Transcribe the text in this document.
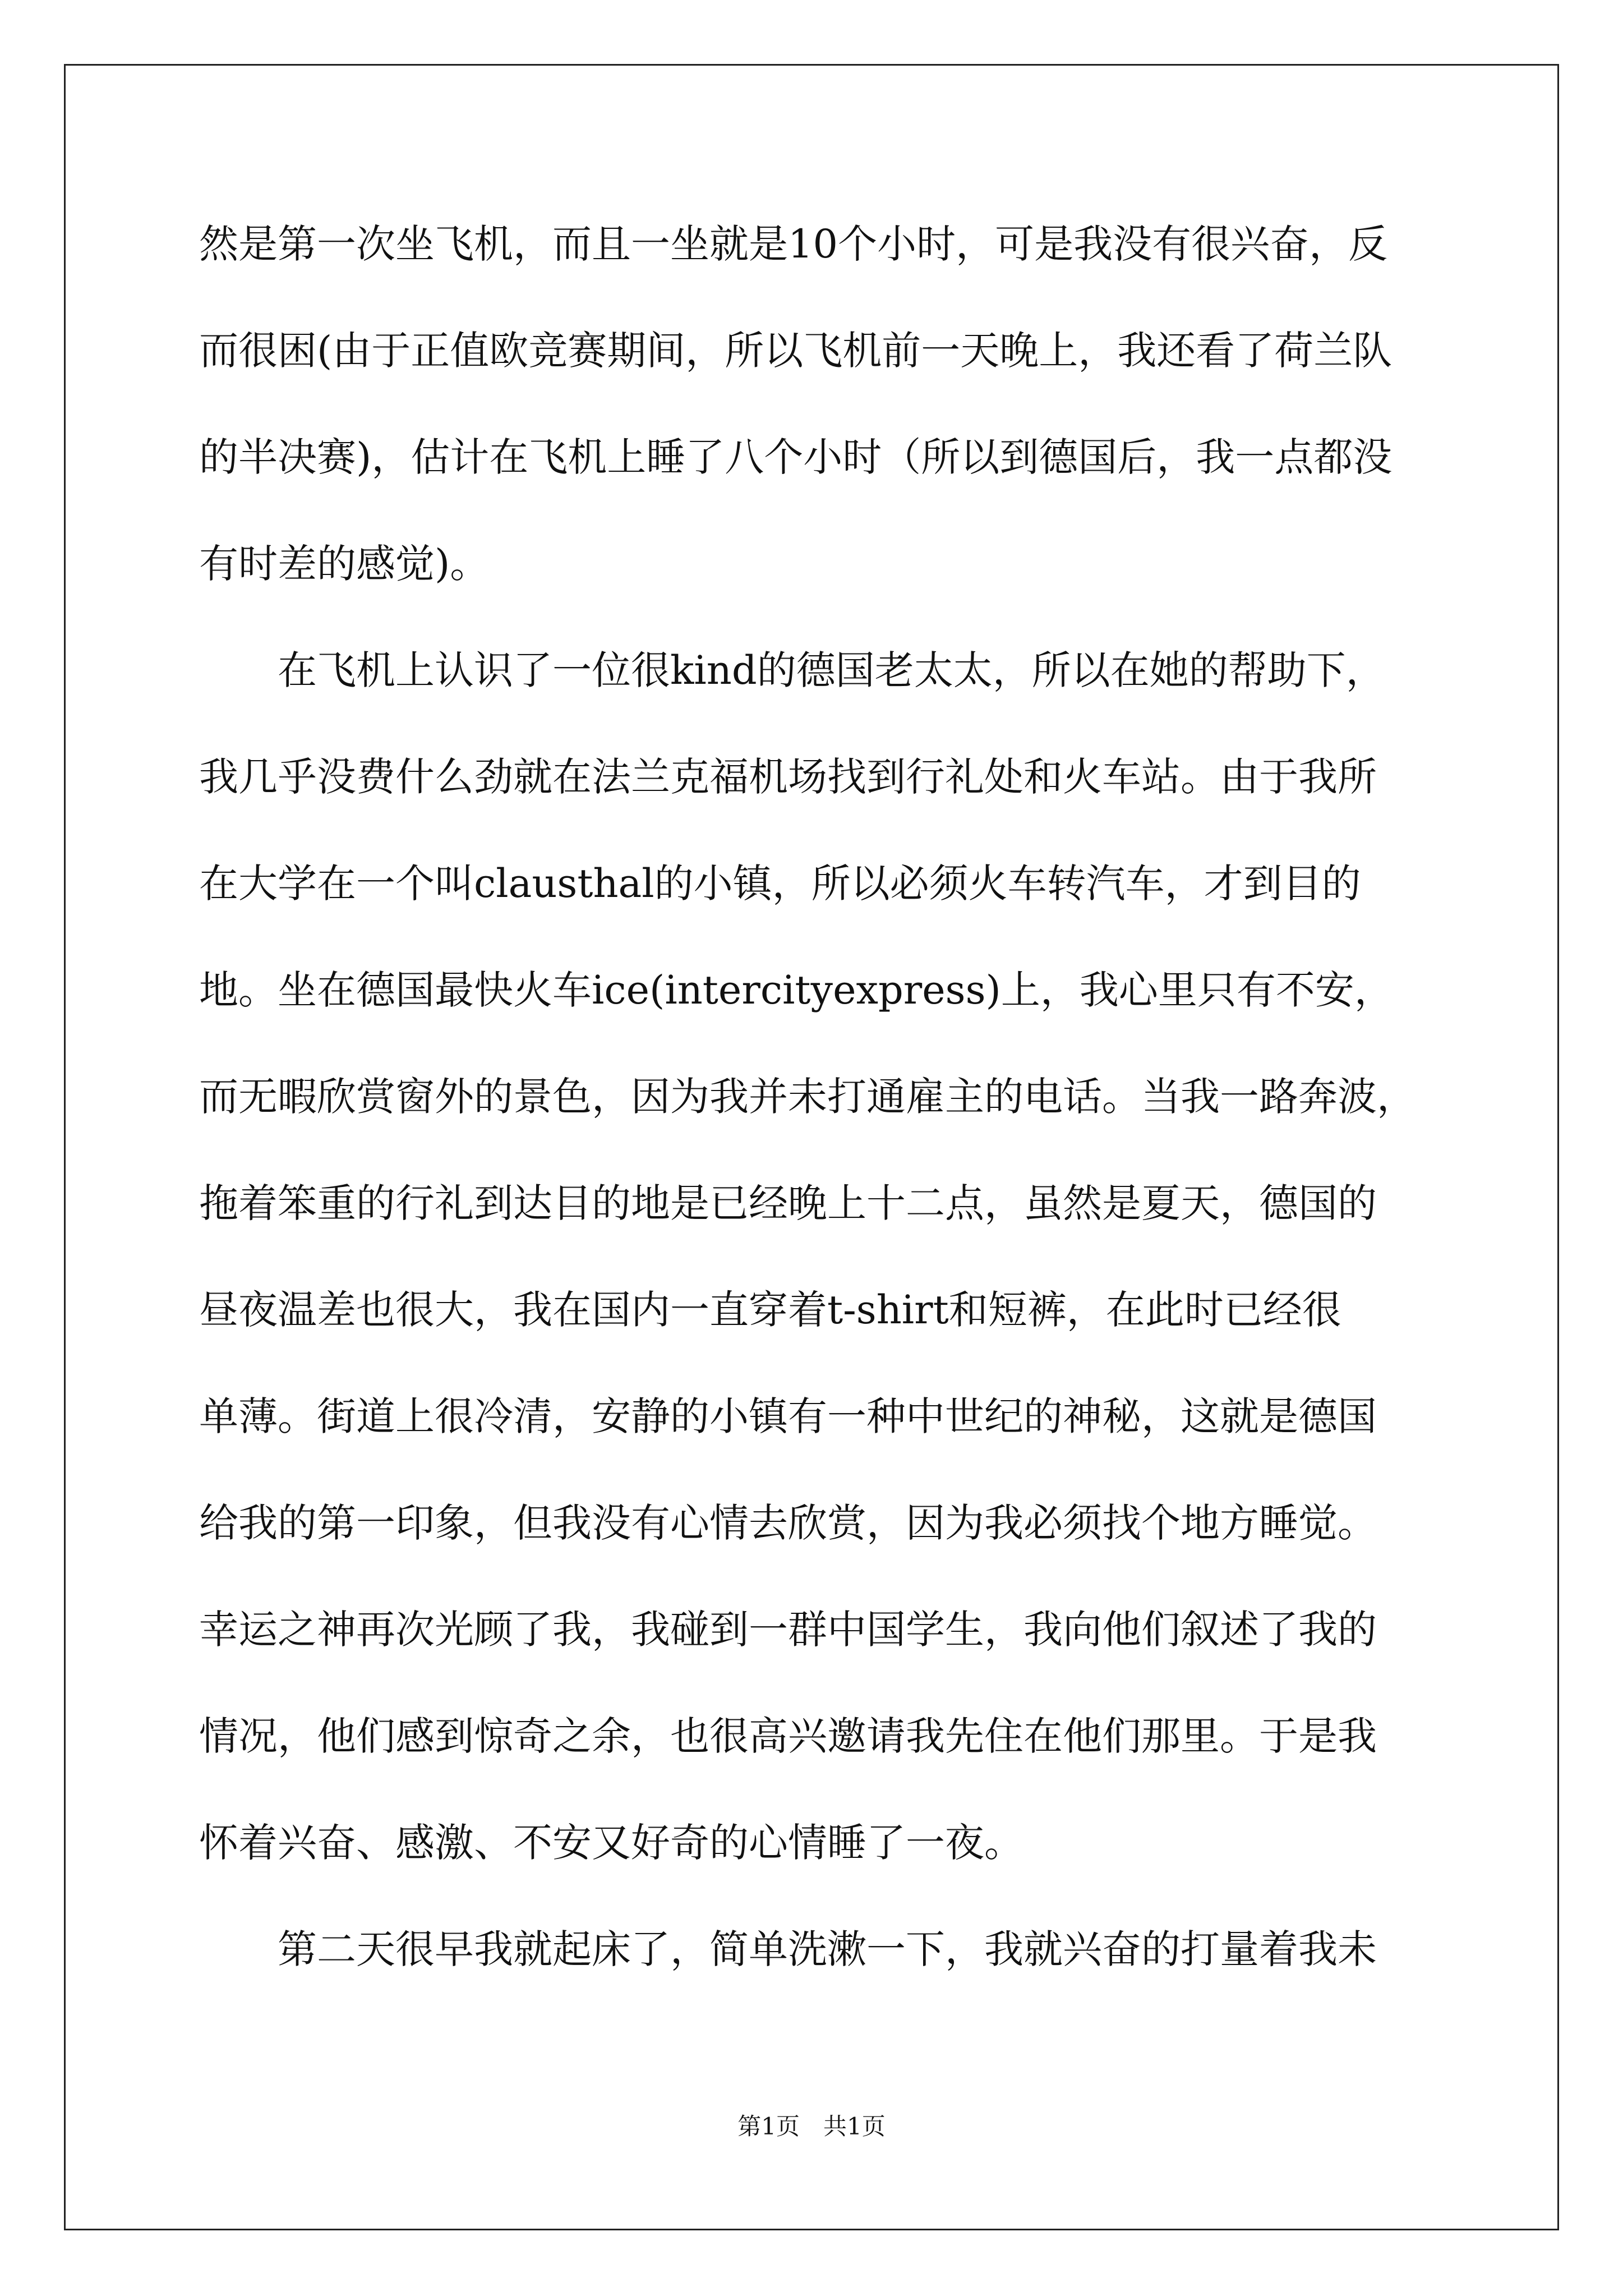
然是第一次坐飞机，而且一坐就是10个小时，可是我没有很兴奋，反
而很困(由于正值欧竞赛期间，所以飞机前一天晚上，我还看了荷兰队
的半决赛)，估计在飞机上睡了八个小时（所以到德国后，我一点都没
有时差的感觉)。
在飞机上认识了一位很kind的德国老太太，所以在她的帮助下，
我几乎没费什么劲就在法兰克福机场找到行礼处和火车站。由于我所
在大学在一个叫clausthal的小镇，所以必须火车转汽车，才到目的
地。坐在德国最快火车ice(intercityexpress)上，我心里只有不安，
而无暇欣赏窗外的景色，因为我并未打通雇主的电话。当我一路奔波，
拖着笨重的行礼到达目的地是已经晚上十二点，虽然是夏天，德国的
昼夜温差也很大，我在国内一直穿着t-shirt和短裤，在此时已经很
单薄。街道上很冷清，安静的小镇有一种中世纪的神秘，这就是德国
给我的第一印象，但我没有心情去欣赏，因为我必须找个地方睡觉。
幸运之神再次光顾了我，我碰到一群中国学生，我向他们叙述了我的
情况，他们感到惊奇之余，也很高兴邀请我先住在他们那里。于是我
怀着兴奋、感激、不安又好奇的心情睡了一夜。
第二天很早我就起床了，简单洗漱一下，我就兴奋的打量着我未
第1页　共1页
